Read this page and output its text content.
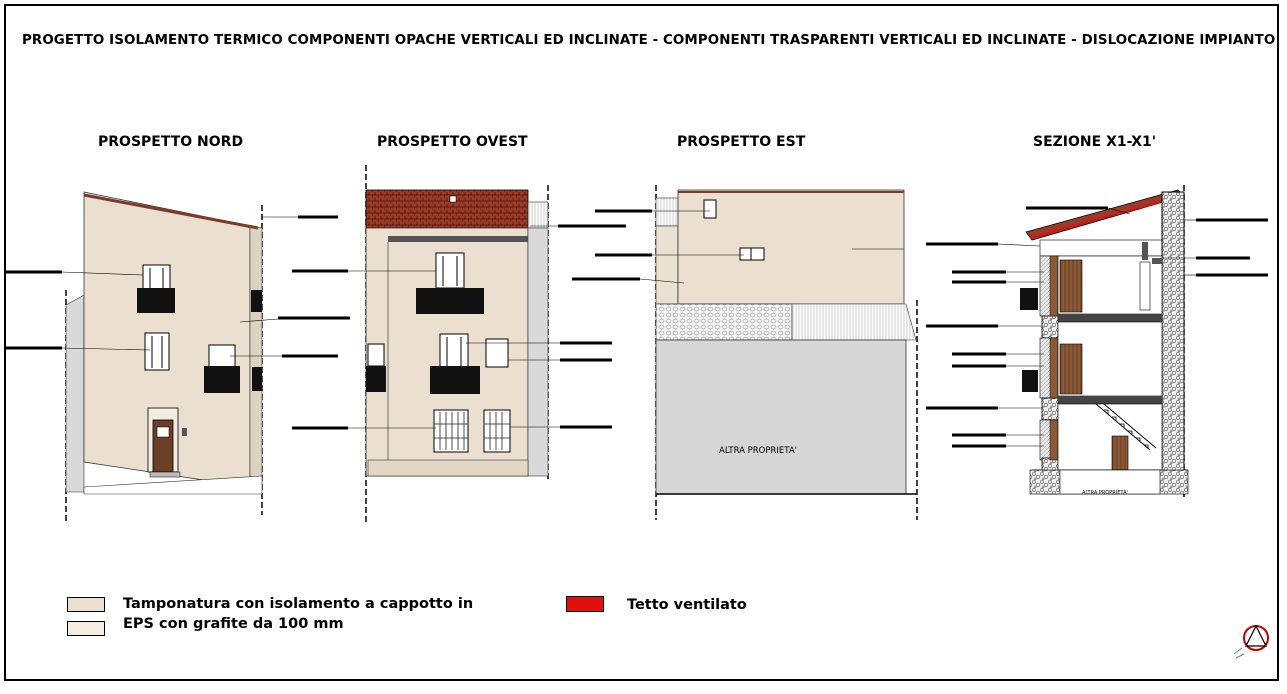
PROGETTO ISOLAMENTO TERMICO COMPONENTI OPACHE VERTICALI ED INCLINATE - COMPONENTI TRASPARENTI VERTICALI ED INCLINATE - DISLOCAZIONE IMPIANTO
PROSPETTO NORD	PROSPETTO OVEST	PROSPETTO EST	SEZIONE X1-X1'
ALTRA PROPRIETA'
ALTRA PROPRIETA'
Tamponatura con isolamento a cappotto in
EPS con grafite da 100 mm
Tetto ventilato
